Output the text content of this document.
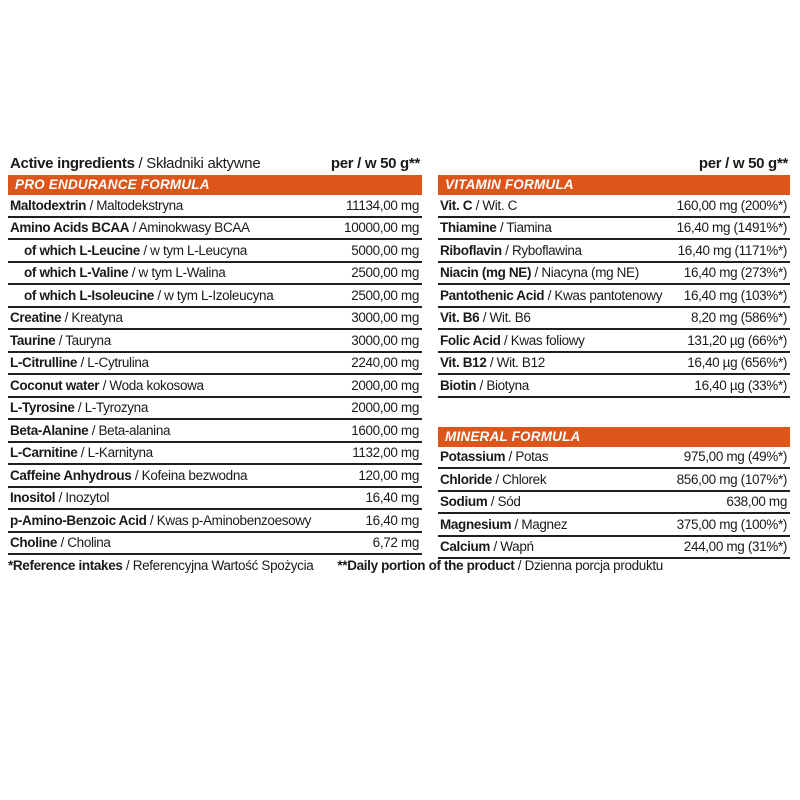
Active ingredients / Składniki aktywne	per / w 50 g**
PRO ENDURANCE FORMULA
Maltodextrin / Maltodekstryna	11134,00 mg
Amino Acids BCAA / Aminokwasy BCAA	10000,00 mg
of which L-Leucine / w tym L-Leucyna	5000,00 mg
of which L-Valine / w tym L-Walina	2500,00 mg
of which L-Isoleucine / w tym L-Izoleucyna	2500,00 mg
Creatine / Kreatyna	3000,00 mg
Taurine / Tauryna	3000,00 mg
L-Citrulline / L-Cytrulina	2240,00 mg
Coconut water / Woda kokosowa	2000,00 mg
L-Tyrosine / L-Tyrozyna	2000,00 mg
Beta-Alanine / Beta-alanina	1600,00 mg
L-Carnitine / L-Karnityna	1132,00 mg
Caffeine Anhydrous / Kofeina bezwodna	120,00 mg
Inositol / Inozytol	16,40 mg
p-Amino-Benzoic Acid / Kwas p-Aminobenzoesowy	16,40 mg
Choline / Cholina	6,72 mg
per / w 50 g**
VITAMIN FORMULA
Vit. C / Wit. C	160,00 mg (200%*)
Thiamine / Tiamina	16,40 mg (1491%*)
Riboflavin / Ryboflawina	16,40 mg (1171%*)
Niacin (mg NE) / Niacyna (mg NE)	16,40 mg (273%*)
Pantothenic Acid / Kwas pantotenowy 16,40 mg (103%*)
Vit. B6 / Wit. B6	8,20 mg (586%*)
Folic Acid / Kwas foliowy	131,20 µg (66%*)
Vit. B12 / Wit. B12	16,40 µg (656%*)
Biotin / Biotyna	16,40 µg (33%*)
MINERAL FORMULA
Potassium / Potas	975,00 mg (49%*)
Chloride / Chlorek	856,00 mg (107%*)
Sodium / Sód	638,00 mg
Magnesium / Magnez	375,00 mg (100%*)
Calcium / Wapń	244,00 mg (31%*)
*Reference intakes / Referencyjna Wartość Spożycia **Daily portion of the product / Dzienna porcja produktu
